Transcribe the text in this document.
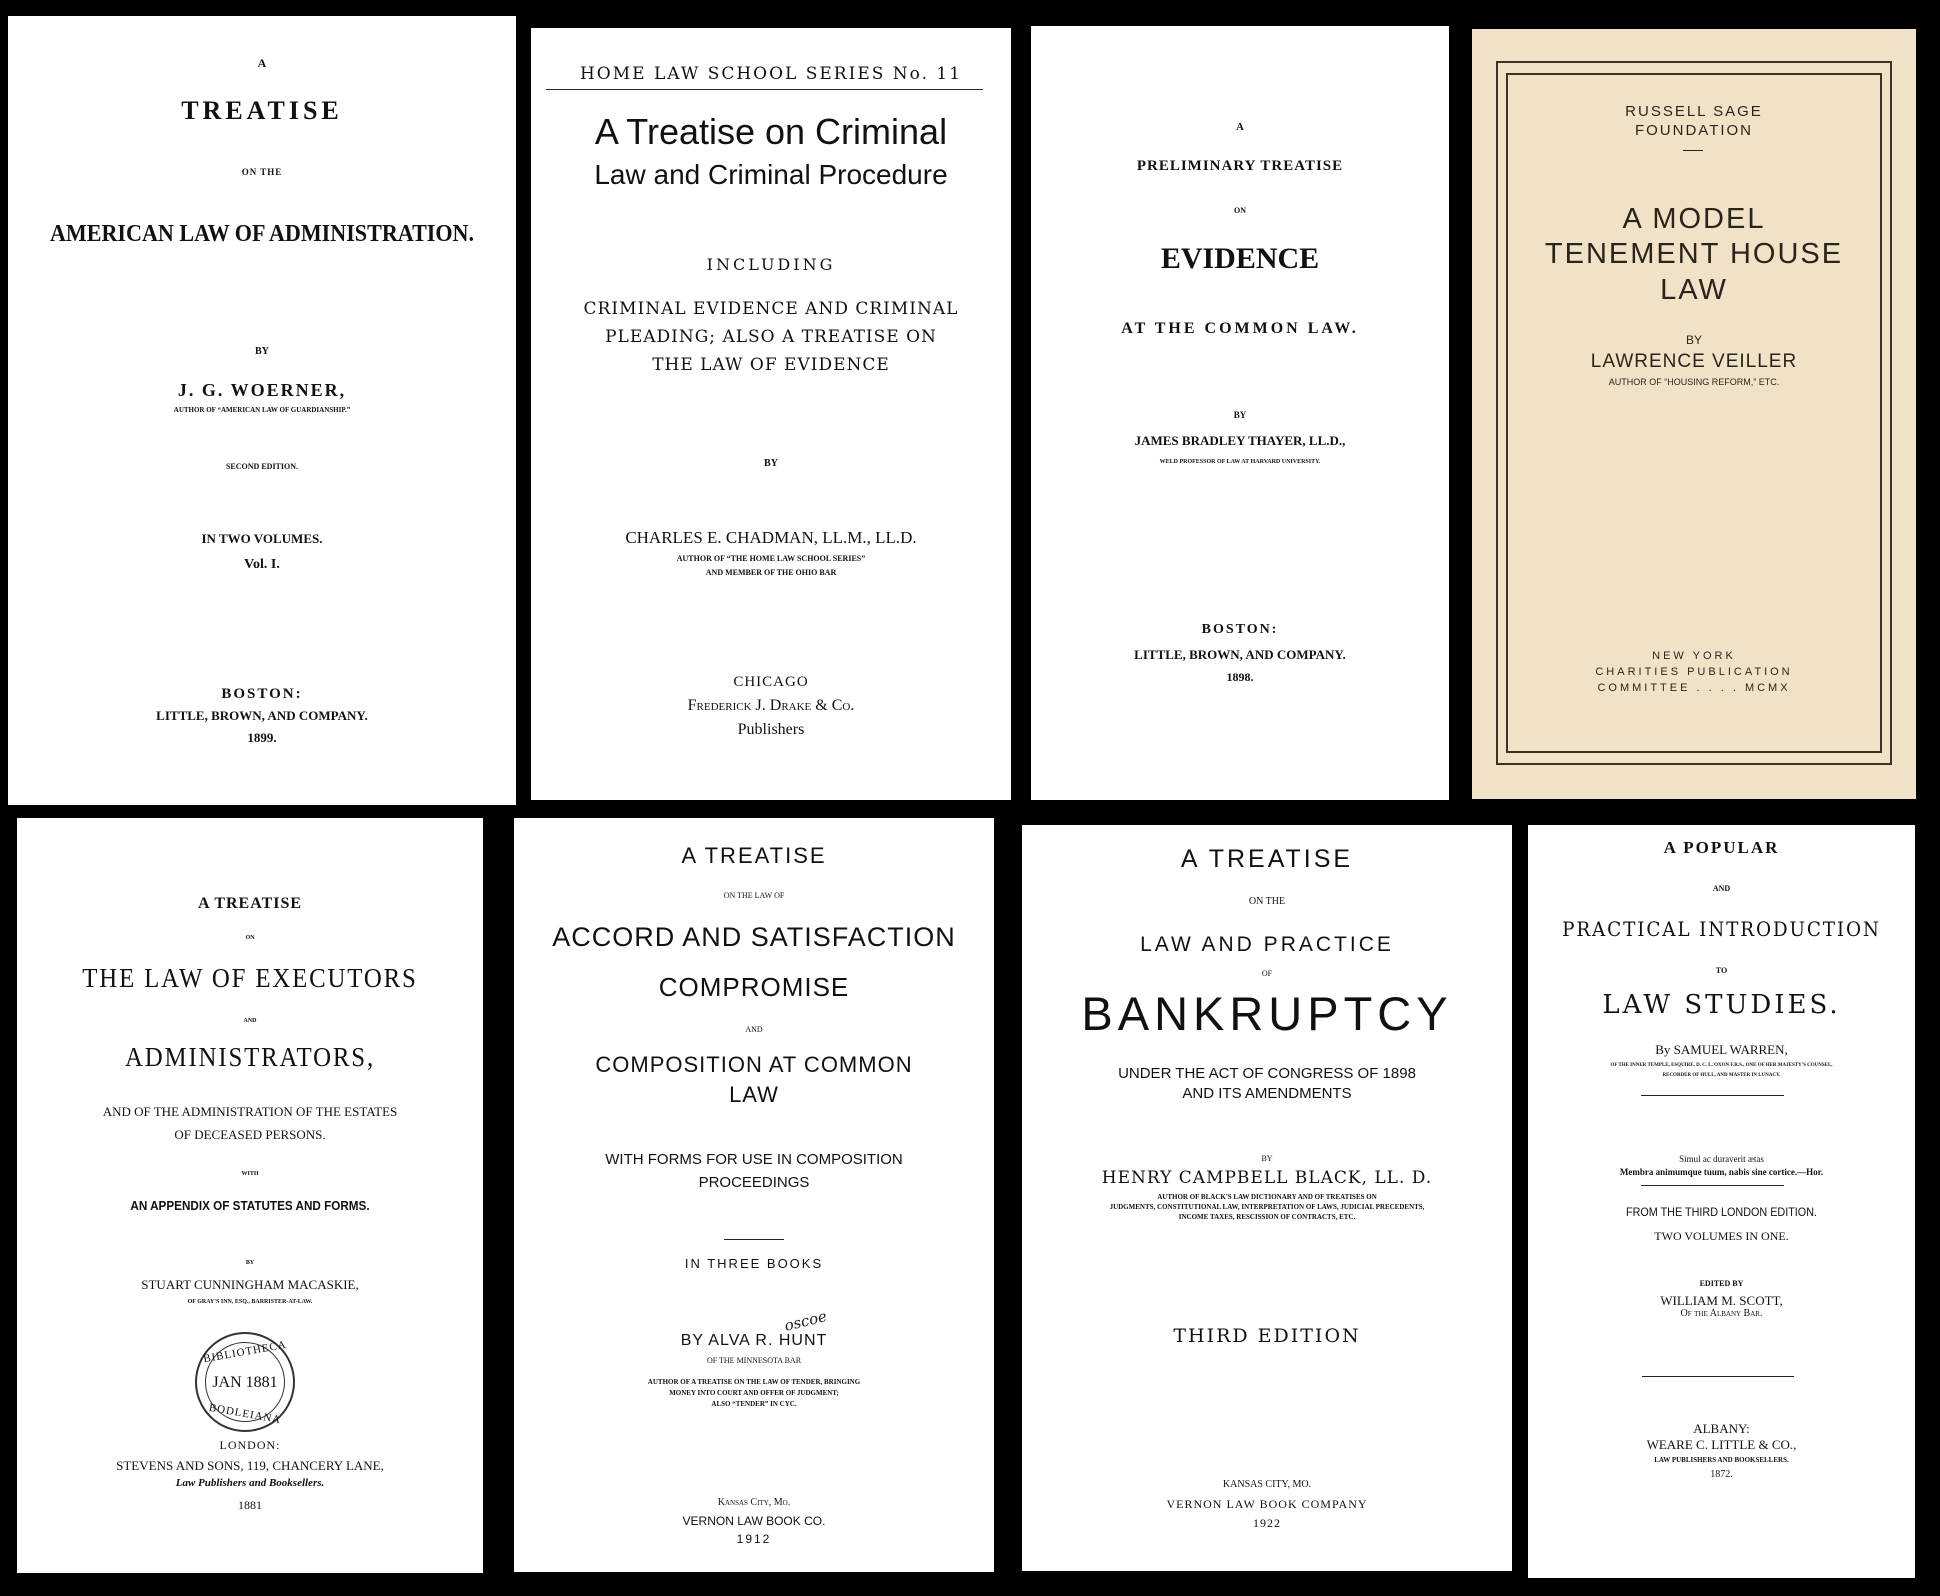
A
TREATISE
ON THE
AMERICAN LAW OF ADMINISTRATION.
BY
J. G. WOERNER,
AUTHOR OF “AMERICAN LAW OF GUARDIANSHIP.”
SECOND EDITION.
IN TWO VOLUMES.
Vol. I.
BOSTON:
LITTLE, BROWN, AND COMPANY.
1899.
HOME LAW SCHOOL SERIES No. 11
A Treatise on Criminal
Law and Criminal Procedure
INCLUDING
CRIMINAL EVIDENCE AND CRIMINAL
PLEADING; ALSO A TREATISE ON
THE LAW OF EVIDENCE
BY
CHARLES E. CHADMAN, LL.M., LL.D.
AUTHOR OF “THE HOME LAW SCHOOL SERIES”
AND MEMBER OF THE OHIO BAR
CHICAGO
Frederick J. Drake & Co.
Publishers
A
PRELIMINARY TREATISE
ON
EVIDENCE
AT THE COMMON LAW.
BY
JAMES BRADLEY THAYER, LL.D.,
WELD PROFESSOR OF LAW AT HARVARD UNIVERSITY.
BOSTON:
LITTLE, BROWN, AND COMPANY.
1898.
RUSSELL SAGE
FOUNDATION
A MODEL
TENEMENT HOUSE
LAW
BY
LAWRENCE VEILLER
AUTHOR OF “HOUSING REFORM,” ETC.
NEW YORK
CHARITIES PUBLICATION
COMMITTEE . . . . MCMX
A TREATISE
ON
THE LAW OF EXECUTORS
AND
ADMINISTRATORS,
AND OF THE ADMINISTRATION OF THE ESTATES
OF DECEASED PERSONS.
WITH
AN APPENDIX OF STATUTES AND FORMS.
BY
STUART CUNNINGHAM MACASKIE,
OF GRAY'S INN, ESQ., BARRISTER-AT-LAW.
BIBLIOTHECA
JAN 1881
BODLEIANA
LONDON:
STEVENS AND SONS, 119, CHANCERY LANE,
Law Publishers and Booksellers.
1881
A TREATISE
ON THE LAW OF
ACCORD AND SATISFACTION
COMPROMISE
AND
COMPOSITION AT COMMON
LAW
WITH FORMS FOR USE IN COMPOSITION
PROCEEDINGS
IN THREE BOOKS
oscoe
BY ALVA R. HUNT
OF THE MINNESOTA BAR
AUTHOR OF A TREATISE ON THE LAW OF TENDER, BRINGING
MONEY INTO COURT AND OFFER OF JUDGMENT;
ALSO “TENDER” IN CYC.
Kansas City, Mo.
VERNON LAW BOOK CO.
1912
A TREATISE
ON THE
LAW AND PRACTICE
OF
BANKRUPTCY
UNDER THE ACT OF CONGRESS OF 1898
AND ITS AMENDMENTS
BY
HENRY CAMPBELL BLACK, LL. D.
AUTHOR OF BLACK'S LAW DICTIONARY AND OF TREATISES ON
JUDGMENTS, CONSTITUTIONAL LAW, INTERPRETATION OF LAWS, JUDICIAL PRECEDENTS,
INCOME TAXES, RESCISSION OF CONTRACTS, ETC.
THIRD EDITION
KANSAS CITY, MO.
VERNON LAW BOOK COMPANY
1922
A POPULAR
AND
PRACTICAL INTRODUCTION
TO
LAW STUDIES.
By SAMUEL WARREN,
OF THE INNER TEMPLE, ESQUIRE, D. C. L. OXON F.R.S., ONE OF HER MAJESTY'S COUNSEL,
RECORDER OF HULL, AND MASTER IN LUNACY.
Simul ac duraverit ætas
Membra animumque tuum, nabis sine cortice.—Hor.
FROM THE THIRD LONDON EDITION.
TWO VOLUMES IN ONE.
EDITED BY
WILLIAM M. SCOTT,
Of the Albany Bar.
ALBANY:
WEARE C. LITTLE & CO.,
LAW PUBLISHERS AND BOOKSELLERS.
1872.
